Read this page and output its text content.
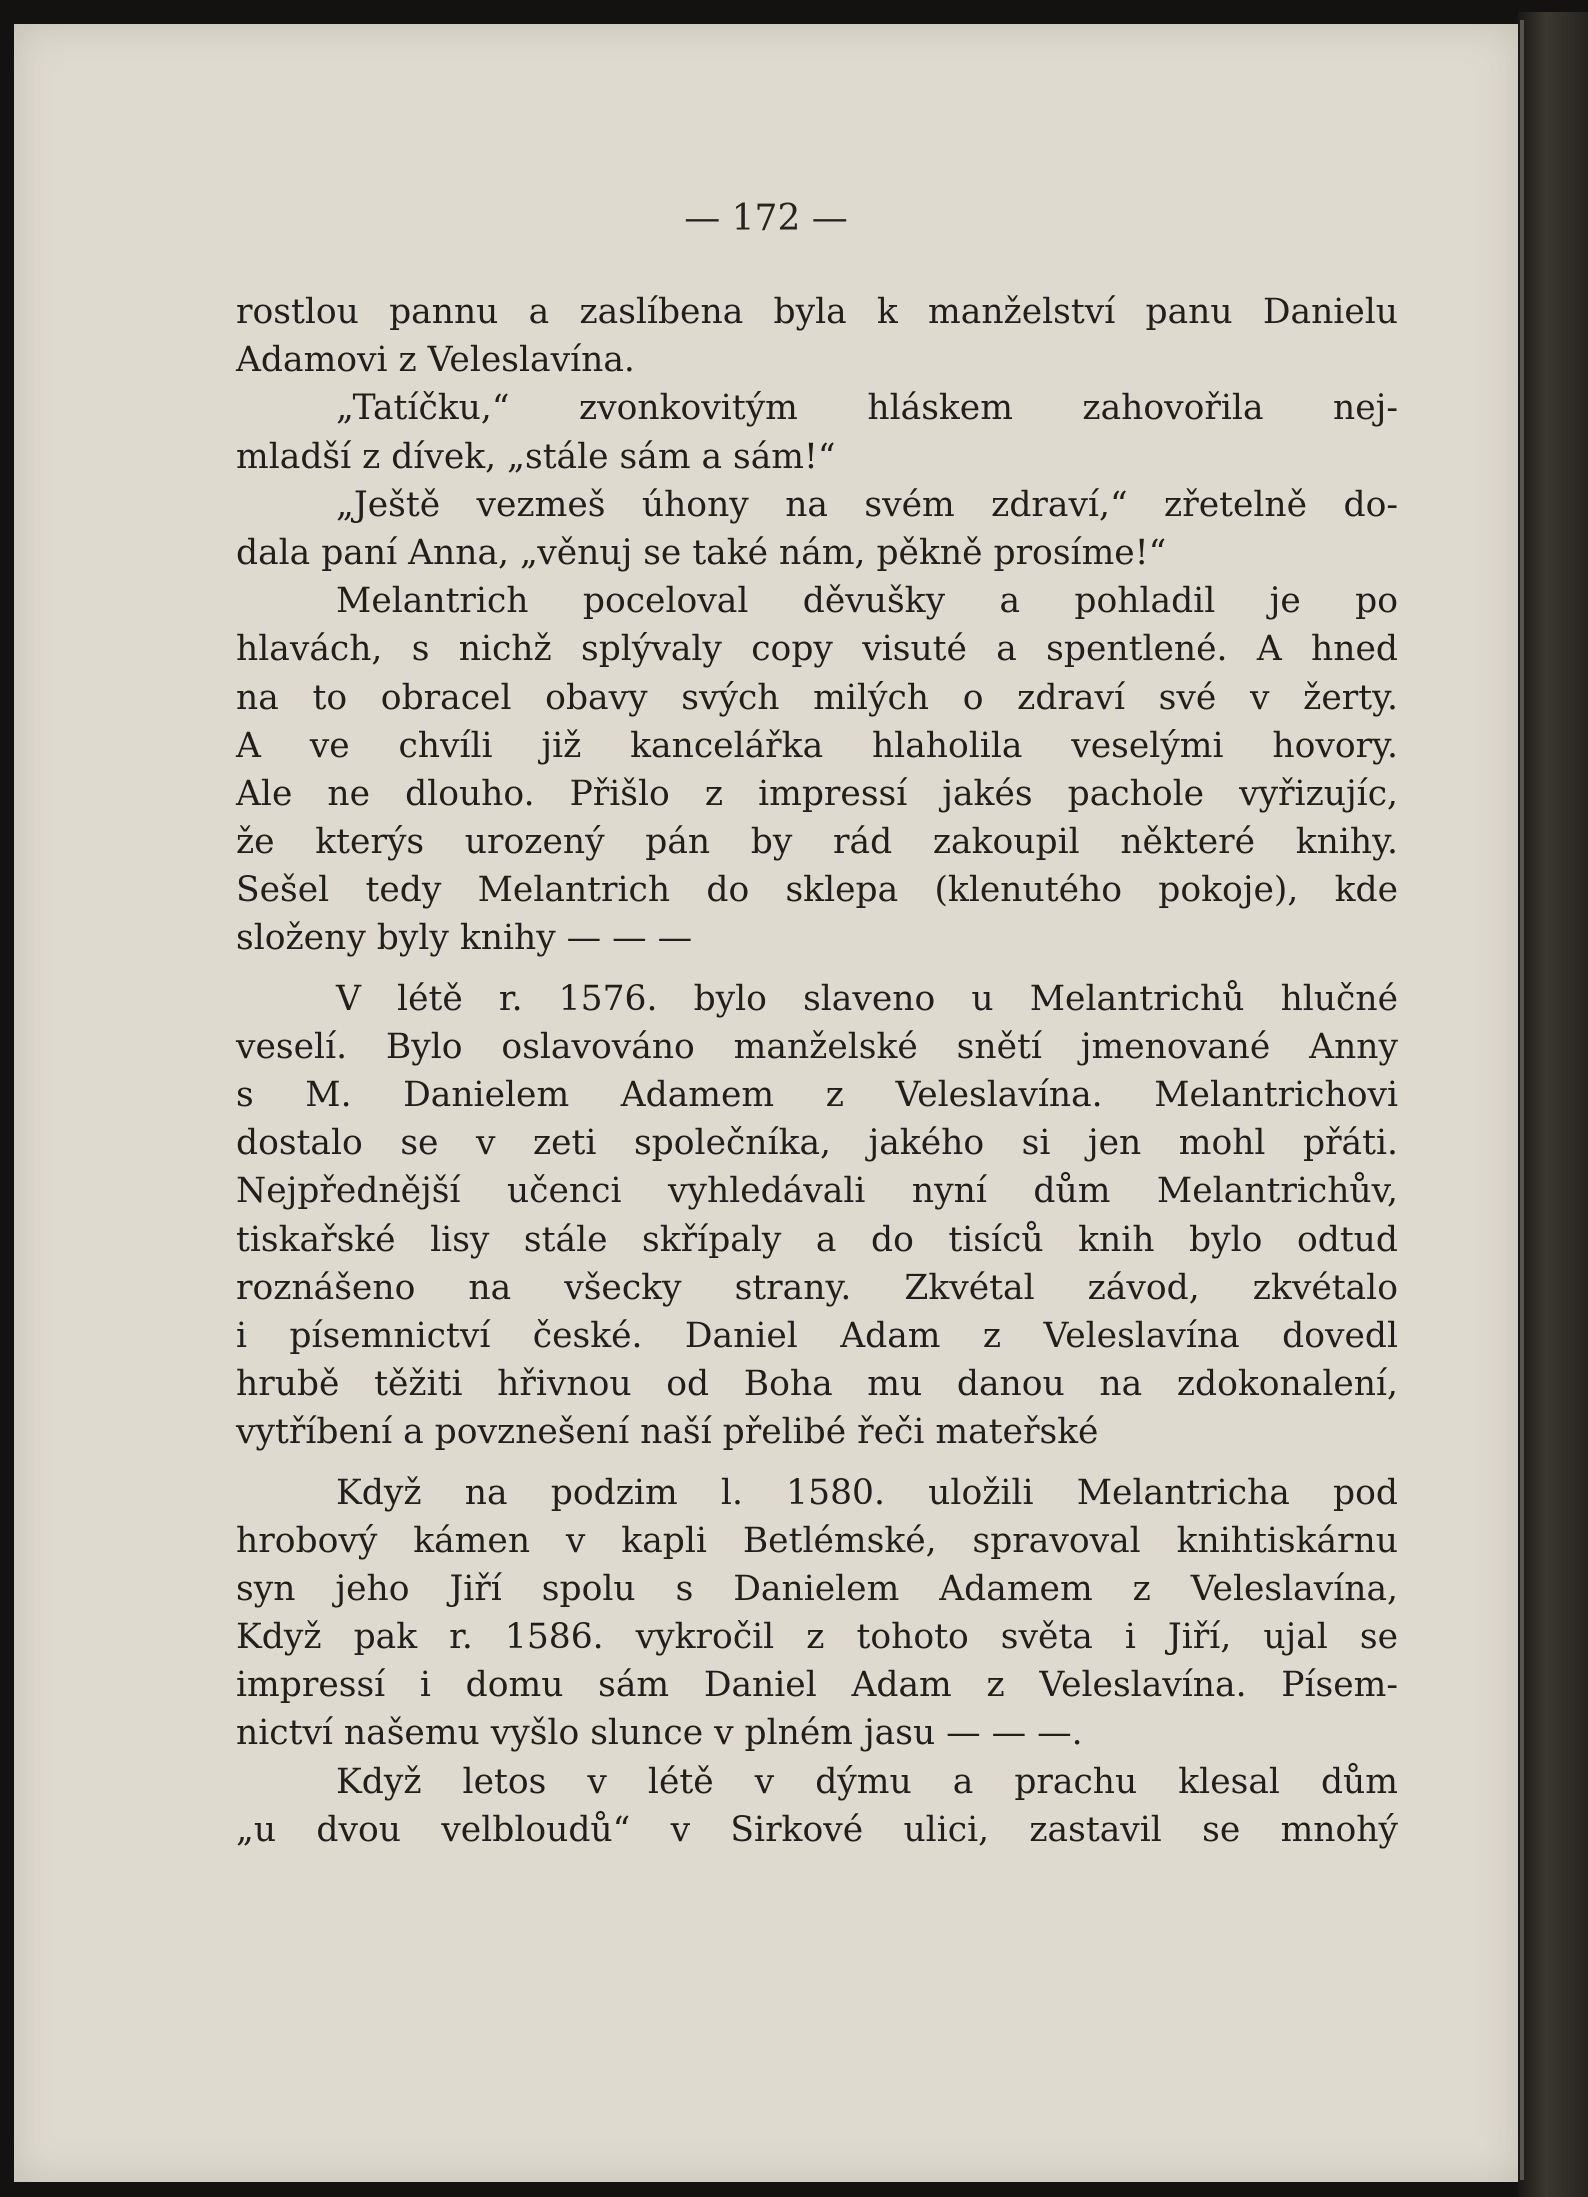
— 172 —
rostlou pannu a zaslíbena byla k manželství panu Danielu
Adamovi z Veleslavína.
„Tatíčku,“ zvonkovitým hláskem zahovořila nej-
mladší z dívek, „stále sám a sám!“
„Ještě vezmeš úhony na svém zdraví,“ zřetelně do-
dala paní Anna, „věnuj se také nám, pěkně prosíme!“
Melantrich poceloval děvušky a pohladil je po
hlavách, s nichž splývaly copy visuté a spentlené. A hned
na to obracel obavy svých milých o zdraví své v žerty.
A ve chvíli již kancelářka hlaholila veselými hovory.
Ale ne dlouho. Přišlo z impressí jakés pachole vyřizujíc,
že kterýs urozený pán by rád zakoupil některé knihy.
Sešel tedy Melantrich do sklepa (klenutého pokoje), kde
složeny byly knihy — — —
V létě r. 1576. bylo slaveno u Melantrichů hlučné
veselí. Bylo oslavováno manželské snětí jmenované Anny
s M. Danielem Adamem z Veleslavína. Melantrichovi
dostalo se v zeti společníka, jakého si jen mohl přáti.
Nejpřednější učenci vyhledávali nyní dům Melantrichův,
tiskařské lisy stále skřípaly a do tisíců knih bylo odtud
roznášeno na všecky strany. Zkvétal závod, zkvétalo
i písemnictví české. Daniel Adam z Veleslavína dovedl
hrubě těžiti hřivnou od Boha mu danou na zdokonalení,
vytříbení a povznešení naší přelibé řeči mateřské
Když na podzim l. 1580. uložili Melantricha pod
hrobový kámen v kapli Betlémské, spravoval knihtiskárnu
syn jeho Jiří spolu s Danielem Adamem z Veleslavína,
Když pak r. 1586. vykročil z tohoto světa i Jiří, ujal se
impressí i domu sám Daniel Adam z Veleslavína. Písem-
nictví našemu vyšlo slunce v plném jasu — — —.
Když letos v létě v dýmu a prachu klesal dům
„u dvou velbloudů“ v Sirkové ulici, zastavil se mnohý
